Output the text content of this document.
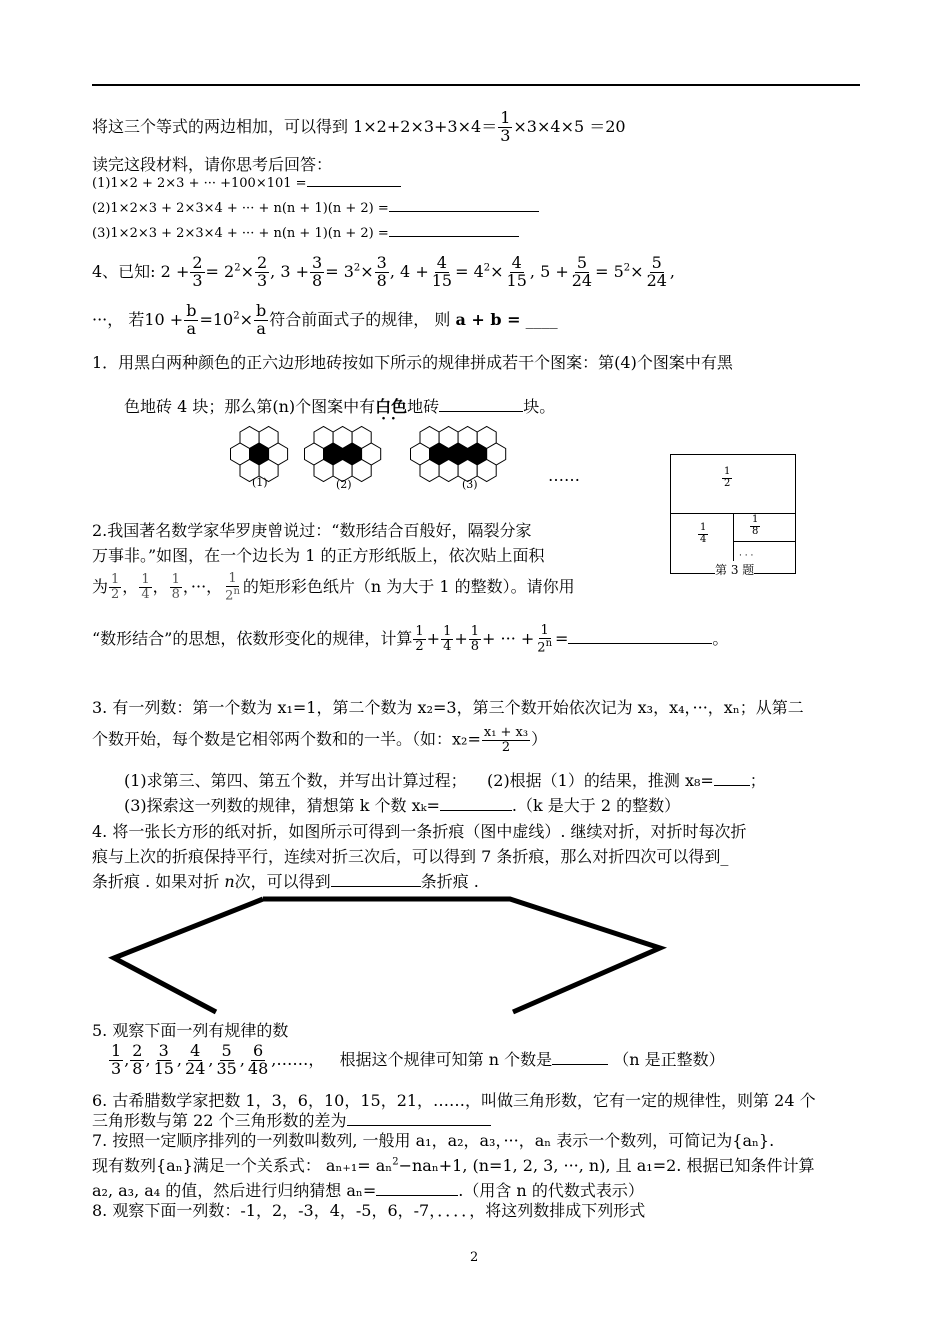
将这三个等式的两边相加，可以得到 $1\times 2+2\times 3+3\times 4= \frac{1}{3} \times 3\times 4\times 5 =20$
读完这段材料，请你思考后回答：
(1)1×2 + 2×3 + ··· +100×101 =
(2)1×2×3 + 2×3×4 + ··· + n(n + 1)(n + 2) =
(3)1×2×3 + 2×3×4 + ··· + n(n + 1)(n + 2) =
4、已知: $2 + \frac{2}{3} = 2^2\times \frac{2}{3}$ , $3 + \frac{3}{8} = 3^2\times \frac{3}{8}$ , $4 + \frac{4}{15} = 4^2\times \frac{4}{15}$ , $5 + \frac{5}{24} = 5^2\times \frac{5}{24}$ ,
···， 若$10 + \frac{b}{a} =10^2\times \frac{b}{a}$ 符合前面式子的规律， 则 a + b = ____
1．用黑白两种颜色的正六边形地砖按如下所示的规律拼成若干个图案：第(4)个图案中有黑
色地砖 4 块；那么第(n)个图案中有白色 · ·地砖	块。
(1)	(2)	(3)	……	$\frac{1}{2}$
$\frac{1}{4}$	$\frac{1}{8}$
· · ·
第 3 题
2.我国著名数学家华罗庚曾说过：“数形结合百般好，隔裂分家
万事非。”如图，在一个边长为 1 的正方形纸版上，依次贴上面积
为 $\frac{1}{2}$ ， $\frac{1}{4}$ ， $\frac{1}{8}$ ，···， $\frac{1}{2^n}$ 的矩形彩色纸片（n 为大于 1 的整数）。请你用
“数形结合”的思想，依数形变化的规律，计算 $\frac{1}{2} + \frac{1}{4} + \frac{1}{8}$ + ··· + $\frac{1}{2^n}$ =	。
3. 有一列数：第一个数为 x₁=1，第二个数为 x₂=3，第三个数开始依次记为 x₃，x₄，···，xₙ；从第二
个数开始，每个数是它相邻两个数和的一半。（如：$x_2= \frac{\text{x₁ + x₃}}{2}$ ）
(1)求第三、第四、第五个数，并写出计算过程； (2)根据（1）的结果，推测 x₈= ；
(3)探索这一列数的规律，猜想第 k 个数 xₖ=	.（k 是大于 2 的整数）
4. 将一张长方形的纸对折，如图所示可得到一条折痕（图中虚线）. 继续对折，对折时每次折
痕与上次的折痕保持平行，连续对折三次后，可以得到 7 条折痕，那么对折四次可以得到_
条折痕 . 如果对折 n次，可以得到	条折痕 .
5. 观察下面一列有规律的数
$\frac{1}{3}$ , $\frac{2}{8}$ , $\frac{3}{15}$ , $\frac{4}{24}$ , $\frac{5}{35}$ , $\frac{6}{48}$ ,……， 根据这个规律可知第 n 个数是	（n 是正整数）
6. 古希腊数学家把数 1，3，6，10，15，21，……，叫做三角形数，它有一定的规律性，则第 24 个
三角形数与第 22 个三角形数的差为
7. 按照一定顺序排列的一列数叫数列, 一般用 a₁，a₂，a₃，···，aₙ 表示一个数列，可简记为{aₙ}.
现有数列{aₙ}满足一个关系式： aₙ₊₁= aₙ$^2$−naₙ+1, (n=1, 2, 3, ···, n), 且 a₁=2. 根据已知条件计算
a₂, a₃, a₄ 的值，然后进行归纳猜想 aₙ=	.（用含 n 的代数式表示）
8. 观察下面一列数：-1，2，-3，4，-5，6，-7，．．．．，将这列数排成下列形式
2
